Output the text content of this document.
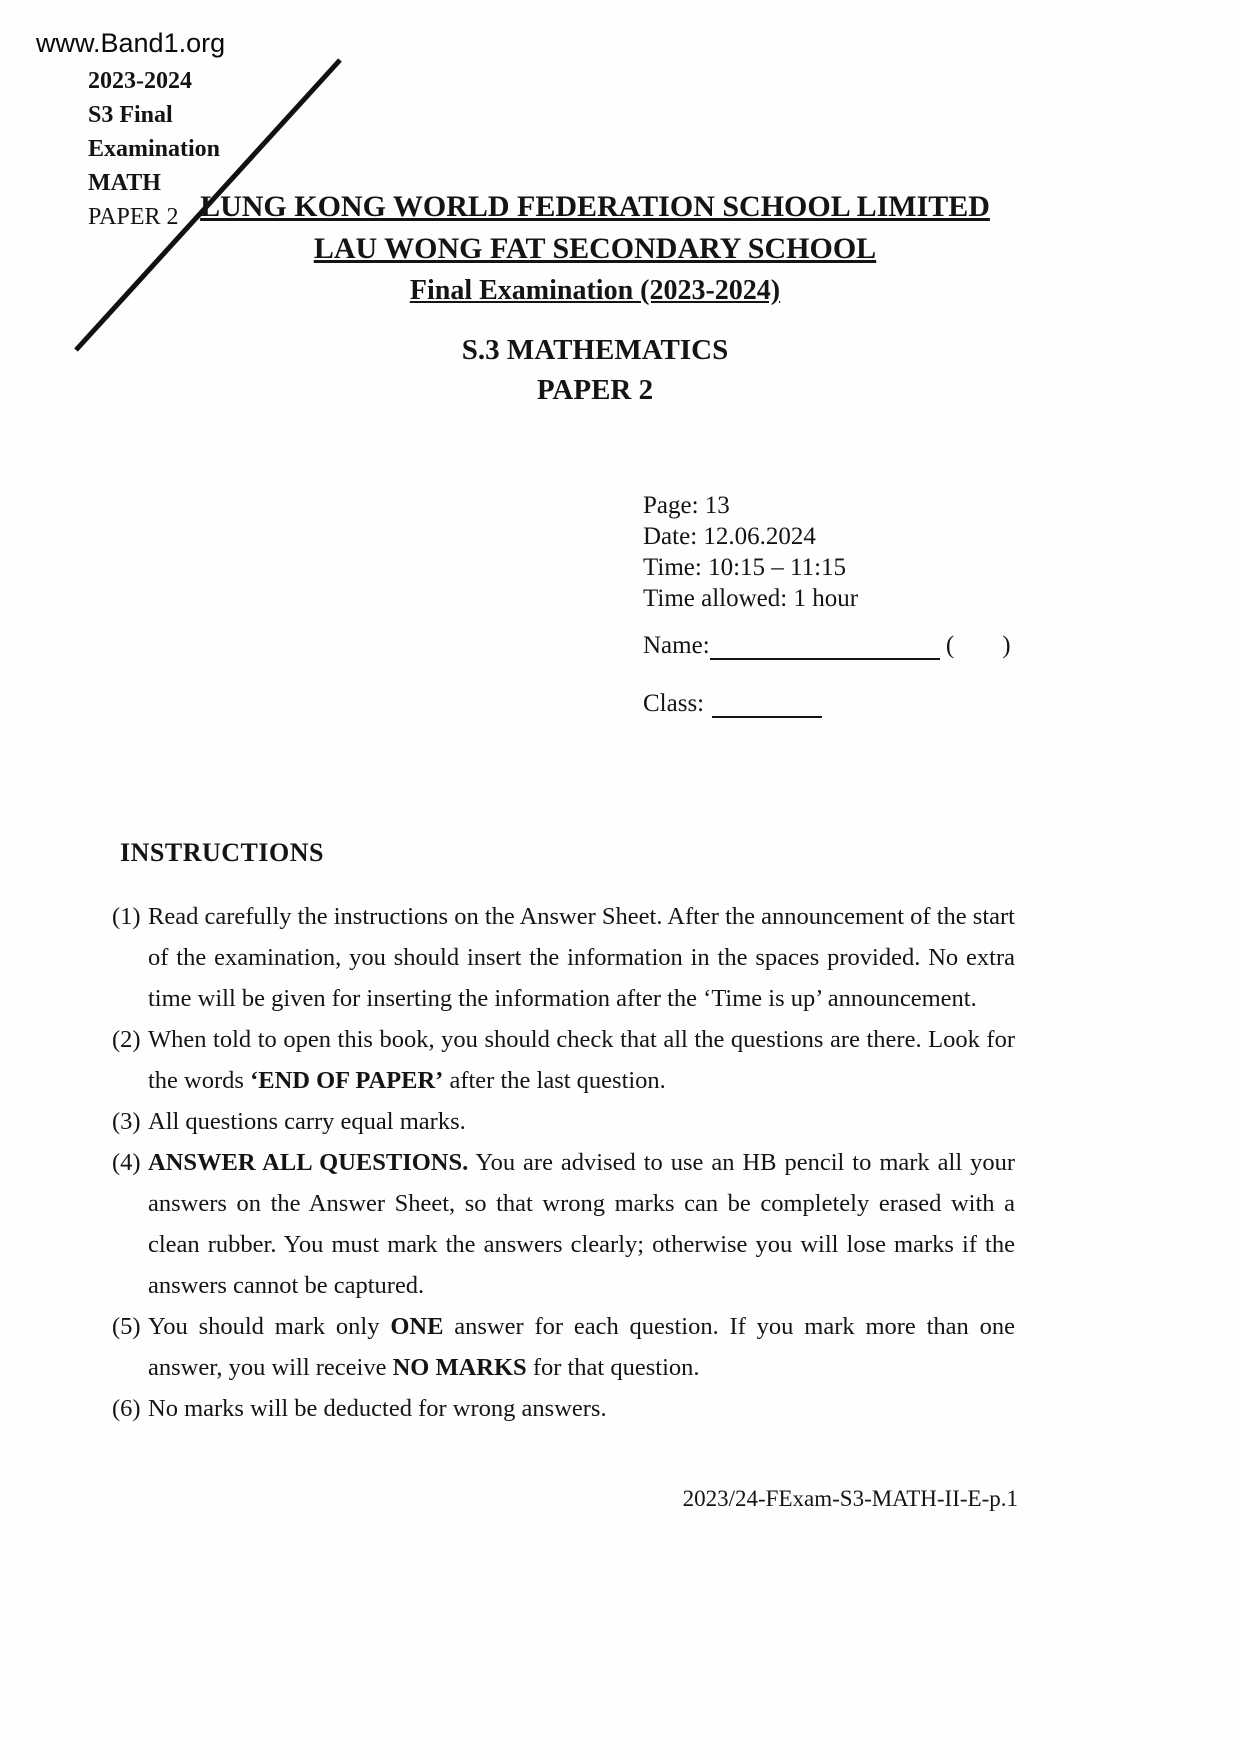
www.Band1.org
2023-2024
S3 Final
Examination
MATH
PAPER 2 LUNG KONG WORLD FEDERATION SCHOOL LIMITED
LAU WONG FAT SECONDARY SCHOOL
Final Examination (2023-2024)
S.3 MATHEMATICS
PAPER 2
Page: 13
Date: 12.06.2024
Time: 10:15 – 11:15
Time allowed: 1 hour
Name:	( )
Class:
INSTRUCTIONS
(1) Read carefully the instructions on the Answer Sheet. After the announcement of the start of the examination, you should insert the information in the spaces provided. No extra time will be given for inserting the information after the ‘Time is up’ announcement.
(2) When told to open this book, you should check that all the questions are there. Look for the words ‘END OF PAPER’ after the last question.
(3) All questions carry equal marks.
(4) ANSWER ALL QUESTIONS. You are advised to use an HB pencil to mark all your answers on the Answer Sheet, so that wrong marks can be completely erased with a clean rubber. You must mark the answers clearly; otherwise you will lose marks if the answers cannot be captured.
(5) You should mark only ONE answer for each question. If you mark more than one answer, you will receive NO MARKS for that question.
(6) No marks will be deducted for wrong answers.
2023/24-FExam-S3-MATH-II-E-p.1
